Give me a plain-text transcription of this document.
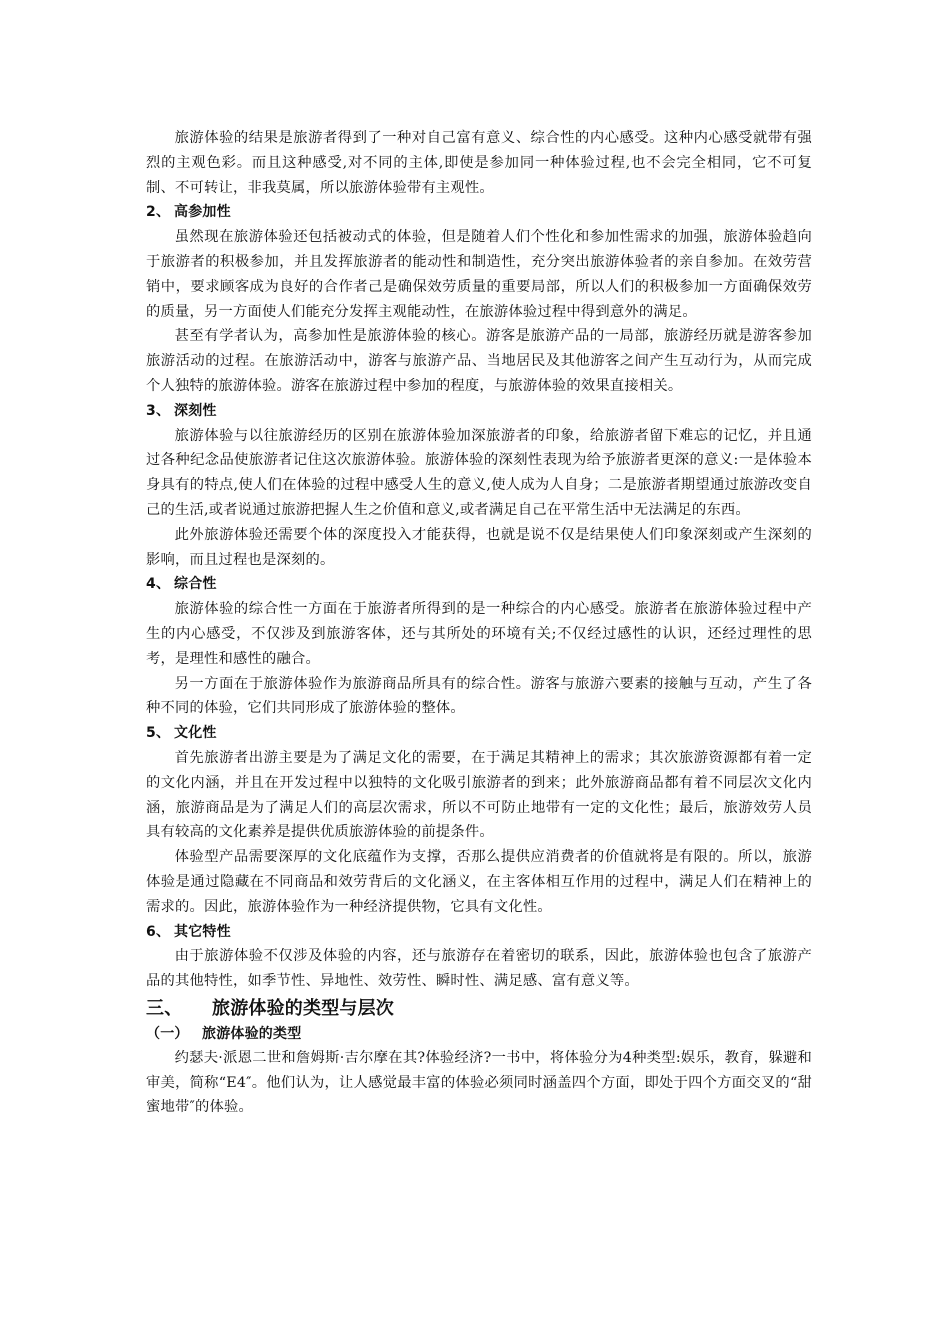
旅游体验的结果是旅游者得到了一种对自己富有意义、综合性的内心感受。这种内心感受就带有强烈的主观色彩。而且这种感受,对不同的主体,即使是参加同一种体验过程,也不会完全相同，它不可复制、不可转让，非我莫属，所以旅游体验带有主观性。

2、 高参加性

虽然现在旅游体验还包括被动式的体验，但是随着人们个性化和参加性需求的加强，旅游体验趋向于旅游者的积极参加，并且发挥旅游者的能动性和制造性，充分突出旅游体验者的亲自参加。在效劳营销中，要求顾客成为良好的合作者己是确保效劳质量的重要局部，所以人们的积极参加一方面确保效劳的质量，另一方面使人们能充分发挥主观能动性，在旅游体验过程中得到意外的满足。

甚至有学者认为，高参加性是旅游体验的核心。游客是旅游产品的一局部，旅游经历就是游客参加旅游活动的过程。在旅游活动中，游客与旅游产品、当地居民及其他游客之间产生互动行为，从而完成个人独特的旅游体验。游客在旅游过程中参加的程度，与旅游体验的效果直接相关。

3、 深刻性

旅游体验与以往旅游经历的区别在旅游体验加深旅游者的印象，给旅游者留下难忘的记忆，并且通过各种纪念品使旅游者记住这次旅游体验。旅游体验的深刻性表现为给予旅游者更深的意义:一是体验本身具有的特点,使人们在体验的过程中感受人生的意义,使人成为人自身；二是旅游者期望通过旅游改变自己的生活,或者说通过旅游把握人生之价值和意义,或者满足自己在平常生活中无法满足的东西。

此外旅游体验还需要个体的深度投入才能获得，也就是说不仅是结果使人们印象深刻或产生深刻的影响，而且过程也是深刻的。

4、 综合性

旅游体验的综合性一方面在于旅游者所得到的是一种综合的内心感受。旅游者在旅游体验过程中产生的内心感受，不仅涉及到旅游客体，还与其所处的环境有关;不仅经过感性的认识，还经过理性的思考，是理性和感性的融合。

另一方面在于旅游体验作为旅游商品所具有的综合性。游客与旅游六要素的接触与互动，产生了各种不同的体验，它们共同形成了旅游体验的整体。

5、 文化性

首先旅游者出游主要是为了满足文化的需要，在于满足其精神上的需求；其次旅游资源都有着一定的文化内涵，并且在开发过程中以独特的文化吸引旅游者的到来；此外旅游商品都有着不同层次文化内涵，旅游商品是为了满足人们的高层次需求，所以不可防止地带有一定的文化性；最后，旅游效劳人员具有较高的文化素养是提供优质旅游体验的前提条件。

体验型产品需要深厚的文化底蕴作为支撑，否那么提供应消费者的价值就将是有限的。所以，旅游体验是通过隐藏在不同商品和效劳背后的文化涵义，在主客体相互作用的过程中，满足人们在精神上的需求的。因此，旅游体验作为一种经济提供物，它具有文化性。

6、 其它特性

由于旅游体验不仅涉及体验的内容，还与旅游存在着密切的联系，因此，旅游体验也包含了旅游产品的其他特性，如季节性、异地性、效劳性、瞬时性、满足感、富有意义等。

三、 旅游体验的类型与层次

（一） 旅游体验的类型

约瑟夫·派恩二世和詹姆斯·吉尔摩在其?体验经济?一书中，将体验分为4种类型:娱乐，教育，躲避和审美，简称“E4″。他们认为，让人感觉最丰富的体验必须同时涵盖四个方面，即处于四个方面交叉的“甜蜜地带″的体验。
